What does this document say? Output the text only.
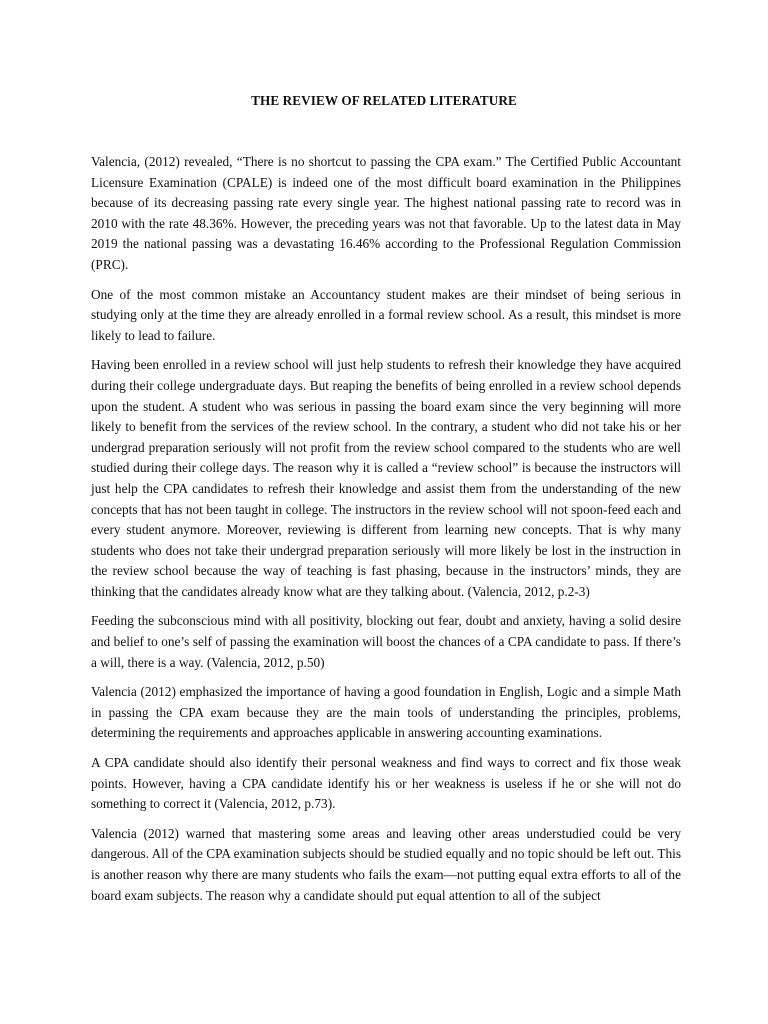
THE REVIEW OF RELATED LITERATURE

Valencia, (2012) revealed, “There is no shortcut to passing the CPA exam.” The Certified Public Accountant Licensure Examination (CPALE) is indeed one of the most difficult board examination in the Philippines because of its decreasing passing rate every single year. The highest national passing rate to record was in 2010 with the rate 48.36%. However, the preceding years was not that favorable. Up to the latest data in May 2019 the national passing was a devastating 16.46% according to the Professional Regulation Commission (PRC).

One of the most common mistake an Accountancy student makes are their mindset of being serious in studying only at the time they are already enrolled in a formal review school. As a result, this mindset is more likely to lead to failure.

Having been enrolled in a review school will just help students to refresh their knowledge they have acquired during their college undergraduate days. But reaping the benefits of being enrolled in a review school depends upon the student. A student who was serious in passing the board exam since the very beginning will more likely to benefit from the services of the review school. In the contrary, a student who did not take his or her undergrad preparation seriously will not profit from the review school compared to the students who are well studied during their college days. The reason why it is called a “review school” is because the instructors will just help the CPA candidates to refresh their knowledge and assist them from the understanding of the new concepts that has not been taught in college. The instructors in the review school will not spoon-feed each and every student anymore. Moreover, reviewing is different from learning new concepts. That is why many students who does not take their undergrad preparation seriously will more likely be lost in the instruction in the review school because the way of teaching is fast phasing, because in the instructors’ minds, they are thinking that the candidates already know what are they talking about. (Valencia, 2012, p.2-3)

Feeding the subconscious mind with all positivity, blocking out fear, doubt and anxiety, having a solid desire and belief to one’s self of passing the examination will boost the chances of a CPA candidate to pass. If there’s a will, there is a way. (Valencia, 2012, p.50)

Valencia (2012) emphasized the importance of having a good foundation in English, Logic and a simple Math in passing the CPA exam because they are the main tools of understanding the principles, problems, determining the requirements and approaches applicable in answering accounting examinations.

A CPA candidate should also identify their personal weakness and find ways to correct and fix those weak points. However, having a CPA candidate identify his or her weakness is useless if he or she will not do something to correct it (Valencia, 2012, p.73).

Valencia (2012) warned that mastering some areas and leaving other areas understudied could be very dangerous. All of the CPA examination subjects should be studied equally and no topic should be left out. This is another reason why there are many students who fails the exam—not putting equal extra efforts to all of the board exam subjects. The reason why a candidate should put equal attention to all of the subject
